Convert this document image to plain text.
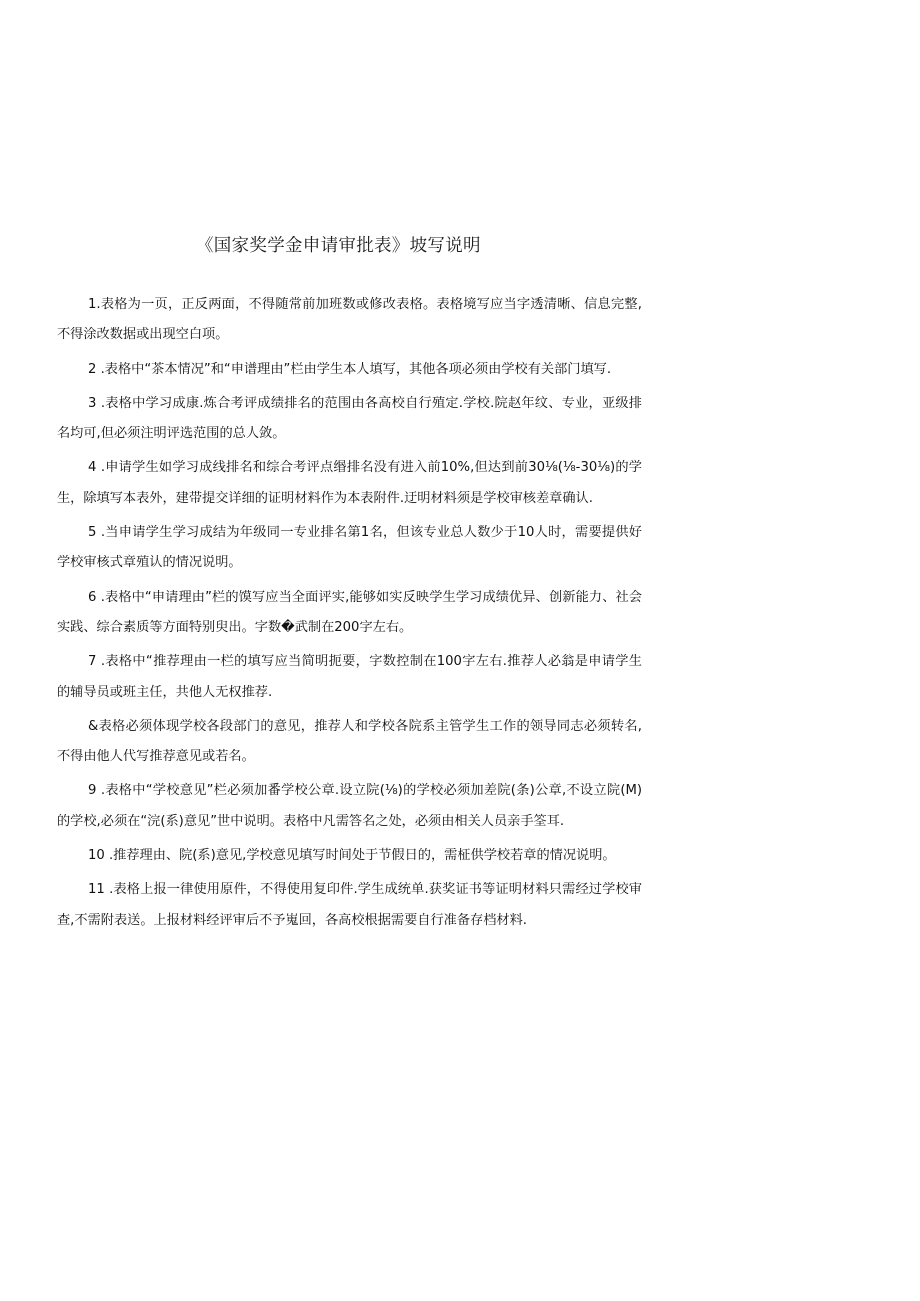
《国家奖学金申请审批表》坡写说明

1.表格为一页，正反两面，不得随常前加班数或修改表格。表格境写应当字透清晰、信息完整,不得涂改数据或出现空白项。

2 .表格中“茶本情况”和“申谱理由”栏由学生本人填写，其他各项必须由学校有关部门填写.

3 .表格中学习成康.炼合考评成绩排名的范围由各高校自行殖定.学校.院赵年纹、专业，亚级排名均可,但必须注明评选范围的总人敛。

4 .申请学生如学习成线排名和综合考评点缗排名没有进入前10%,但达到前30⅛(⅛-30⅛)的学生，除填写本表外，建带提交详细的证明材料作为本表附件.迂明材料须是学校审核差章确认.

5 .当申请学生学习成结为年级同一专业排名第1名，但该专业总人数少于10人时，需要提供好学校审核式章殖认的情况说明。

6 .表格中“申请理由”栏的馍写应当全面评实,能够如实反映学生学习成绩优异、创新能力、社会实践、综合素质等方面特别臾出。字数�武制在200字左右。

7 .表格中“推荐理由一栏的填写应当简明扼要，字数控制在100字左右.推荐人必翁是申请学生的辅导员或班主任，共他人无权推荐.

&表格必须体现学校各段部门的意见，推荐人和学校各院系主管学生工作的领导同志必须转名,不得由他人代写推荐意见或若名。

9 .表格中“学校意见”栏必须加番学校公章.设立院(⅛)的学校必须加差院(条)公章,不设立院(M)的学校,必须在“浣(系)意见”世中说明。表格中凡需答名之处，必须由相关人员亲手筌耳.

10 .推荐理由、院(系)意见,学校意见填写时间处于节假日的，需柾供学校若章的情况说明。

11 .表格上报一律使用原件，不得使用复印件.学生成统单.获奖证书等证明材料只需经过学校审查,不需附表送。上报材料经评审后不予嵬回，各高校根据需要自行准备存档材料.
